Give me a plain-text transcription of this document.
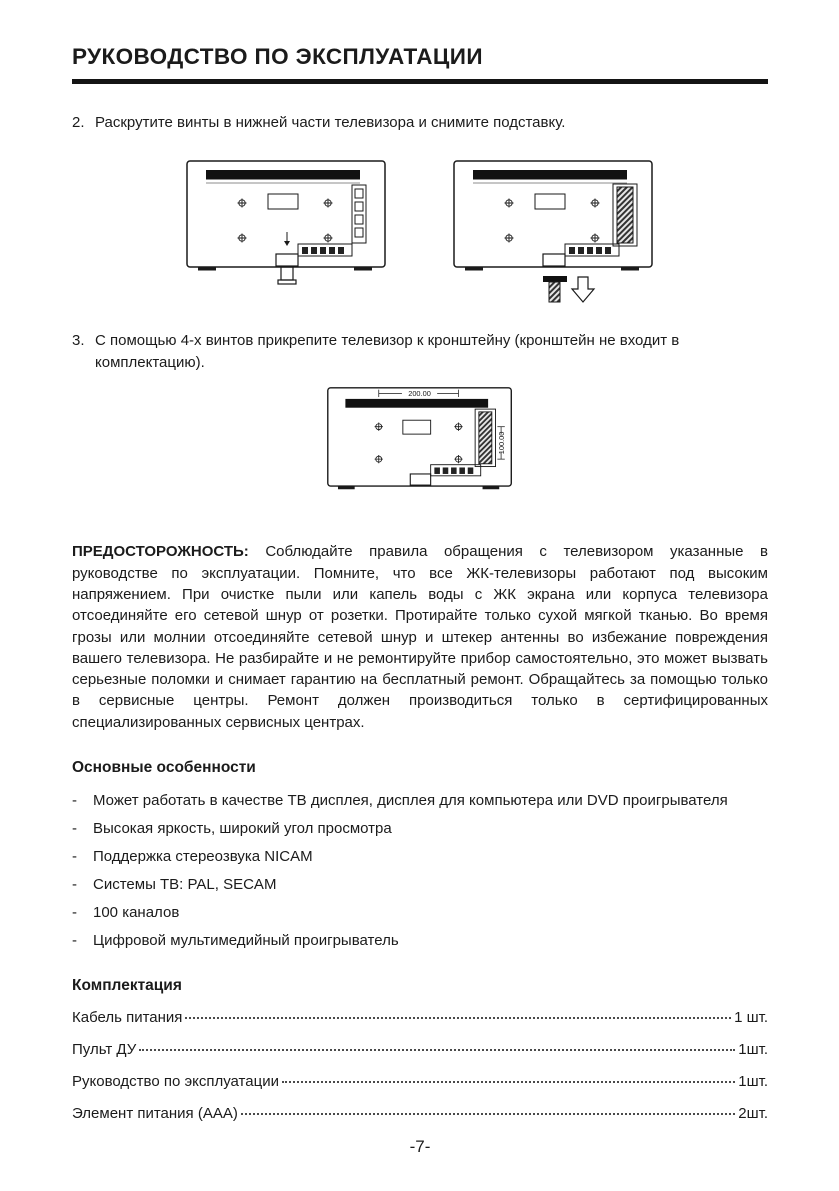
РУКОВОДСТВО ПО ЭКСПЛУАТАЦИИ
2. Раскрутите винты в нижней части телевизора и снимите подставку.
3. С помощью 4-х винтов прикрепите телевизор к кронштейну (кронштейн не входит в комплектацию).
200.00
100.00

ПРЕДОСТОРОЖНОСТЬ: Соблюдайте правила обращения с телевизором указанные в руководстве по эксплуатации. Помните, что все ЖК-телевизоры работают под высоким напряжением. При очистке пыли или капель воды с ЖК экрана или корпуса телевизора отсоединяйте его сетевой шнур от розетки. Протирайте только сухой мягкой тканью. Во время грозы или молнии отсоединяйте сетевой шнур и штекер антенны во избежание повреждения вашего телевизора. Не разбирайте и не ремонтируйте прибор самостоятельно, это может вызвать серьезные поломки и снимает гарантию на бесплатный ремонт. Обращайтесь за помощью только в сервисные центры. Ремонт должен производиться только в сертифицированных специализированных сервисных центрах.

Основные особенности
-	Может работать в качестве ТВ дисплея, дисплея для компьютера или DVD проигрывателя
-	Высокая яркость, широкий угол просмотра
-	Поддержка стереозвука NICAM
-	Системы ТВ: PAL, SECAM
-	100 каналов
-	Цифровой мультимедийный проигрыватель
Комплектация
Кабель питания	1 шт.
Пульт ДУ	1шт.
Руководство по эксплуатации	1шт.
Элемент питания (AAA)	2шт.
-7-
